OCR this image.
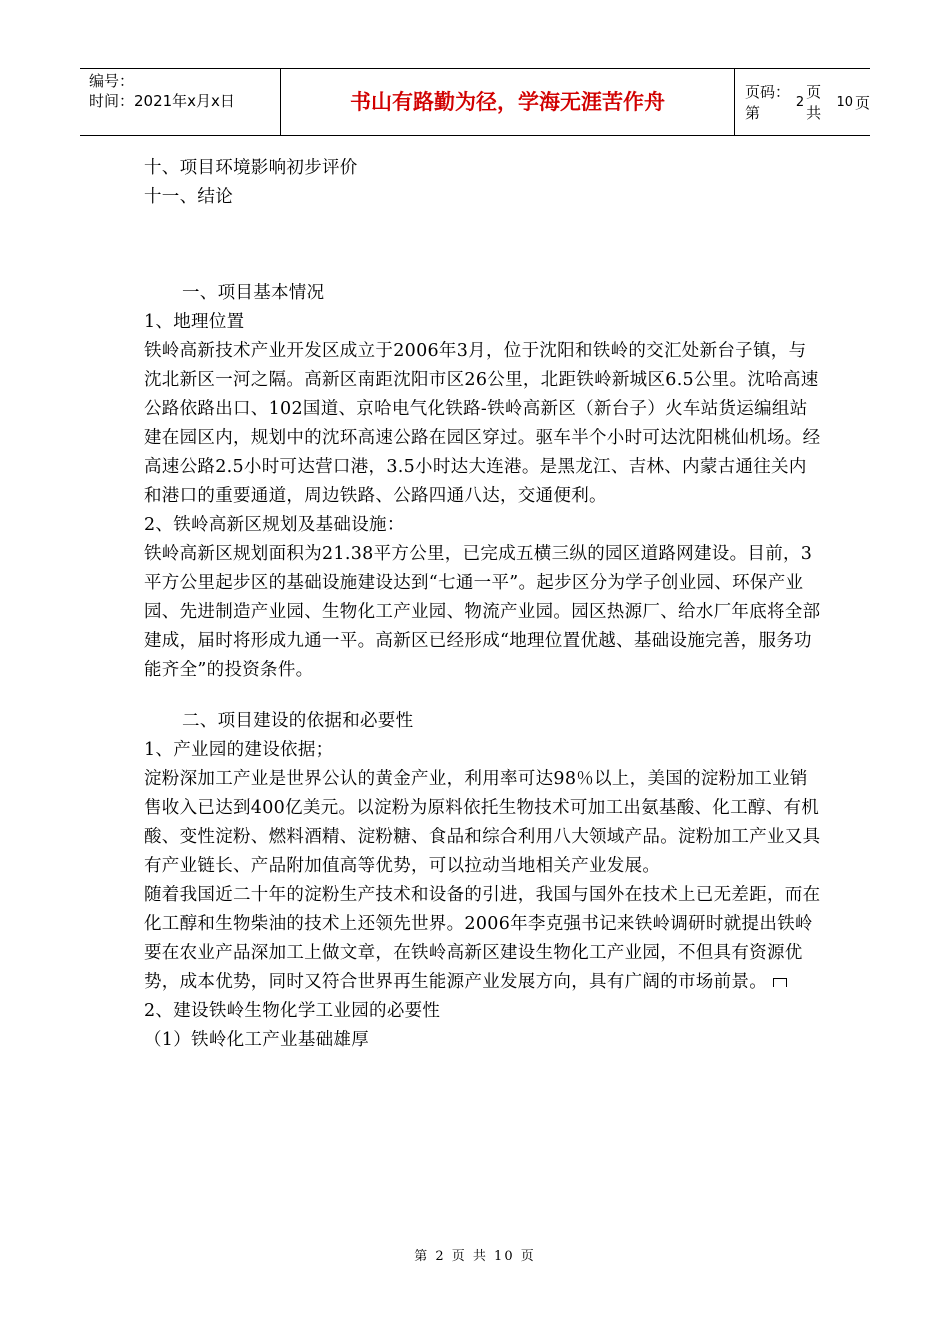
编号：
时间：2021年x月x日	书山有路勤为径，学海无涯苦作舟	页码：第
2
页 共
10 页

十、项目环境影响初步评价

十一、结论

一、项目基本情况

1、地理位置

铁岭高新技术产业开发区成立于2006年3月，位于沈阳和铁岭的交汇处新台子镇，与沈北新区一河之隔。高新区南距沈阳市区26公里，北距铁岭新城区6.5公里。沈哈高速公路依路出口、102国道、京哈电气化铁路-铁岭高新区（新台子）火车站货运编组站建在园区内，规划中的沈环高速公路在园区穿过。驱车半个小时可达沈阳桃仙机场。经高速公路2.5小时可达营口港，3.5小时达大连港。是黑龙江、吉林、内蒙古通往关内和港口的重要通道，周边铁路、公路四通八达，交通便利。

2、铁岭高新区规划及基础设施：

铁岭高新区规划面积为21.38平方公里，已完成五横三纵的园区道路网建设。目前，3平方公里起步区的基础设施建设达到“七通一平”。起步区分为学子创业园、环保产业园、先进制造产业园、生物化工产业园、物流产业园。园区热源厂、给水厂年底将全部建成，届时将形成九通一平。高新区已经形成“地理位置优越、基础设施完善，服务功能齐全”的投资条件。

二、项目建设的依据和必要性

1、产业园的建设依据；

淀粉深加工产业是世界公认的黄金产业，利用率可达98％以上，美国的淀粉加工业销售收入已达到400亿美元。以淀粉为原料依托生物技术可加工出氨基酸、化工醇、有机酸、变性淀粉、燃料酒精、淀粉糖、食品和综合利用八大领域产品。淀粉加工产业又具有产业链长、产品附加值高等优势，可以拉动当地相关产业发展。

随着我国近二十年的淀粉生产技术和设备的引进，我国与国外在技术上已无差距，而在化工醇和生物柴油的技术上还领先世界。2006年李克强书记来铁岭调研时就提出铁岭要在农业产品深加工上做文章，在铁岭高新区建设生物化工产业园，不但具有资源优势，成本优势，同时又符合世界再生能源产业发展方向，具有广阔的市场前景。

2、建设铁岭生物化学工业园的必要性

（1）铁岭化工产业基础雄厚

第 2 页 共 10 页
